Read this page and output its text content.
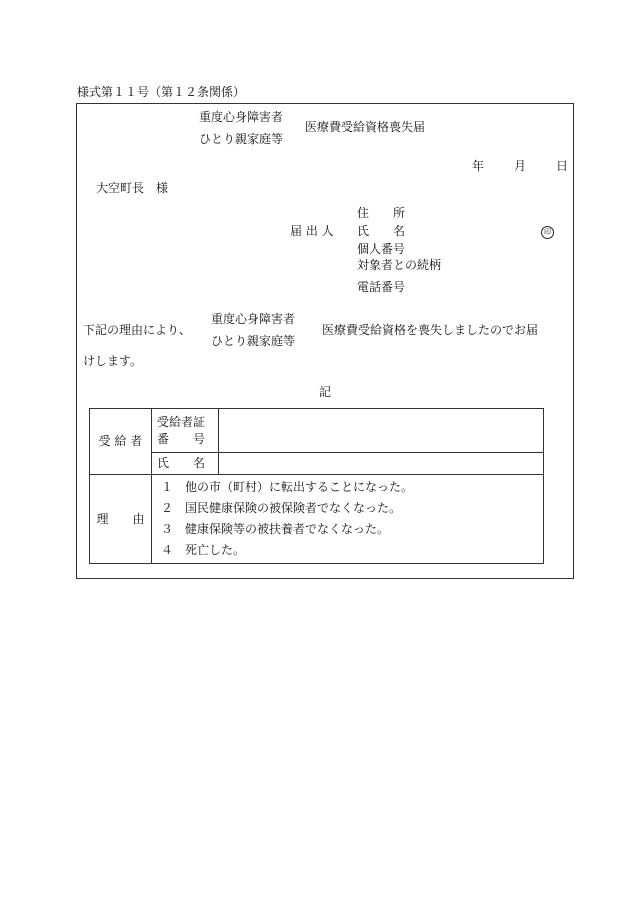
様式第１１号（第１２条関係）
重度心身障害者
ひとり親家庭等
医療費受給資格喪失届
年 月 日
大空町長　様
届 出 人
住　　所
氏　　名	印
個人番号
対象者との続柄
電話番号
下記の理由により、
重度心身障害者
ひとり親家庭等
医療費受給資格を喪失しましたのでお届
けします。
記
受 給 者	受給者証
番　　号	

	氏　　名	
理　　由	１　他の市（町村）に転出することになった。
２　国民健康保険の被保険者でなくなった。
３　健康保険等の被扶養者でなくなった。
４　死亡した。	
